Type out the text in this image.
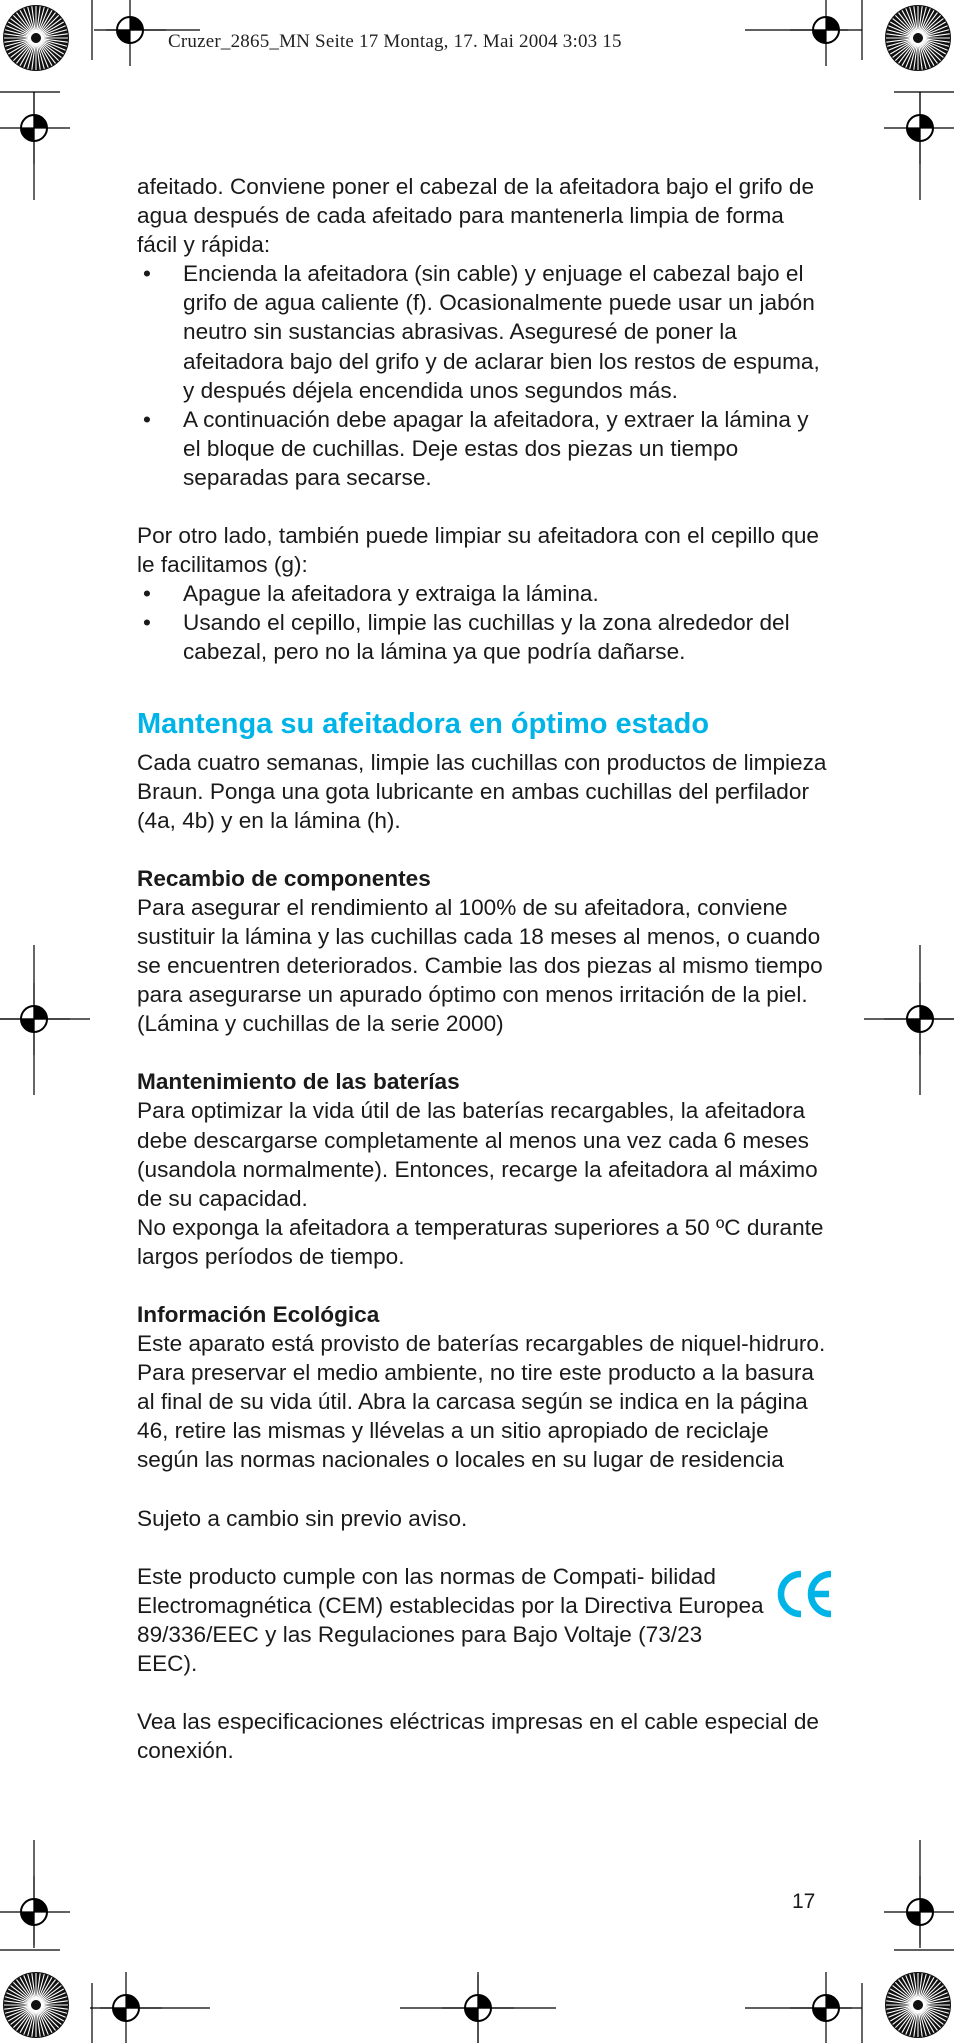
Cruzer_2865_MN Seite 17 Montag, 17. Mai 2004 3:03 15

afeitado. Conviene poner el cabezal de la afeitadora bajo el grifo de agua después de cada afeitado para mantenerla limpia de forma fácil y rápida:

• Encienda la afeitadora (sin cable) y enjuage el cabezal bajo el grifo de agua caliente (f). Ocasionalmente puede usar un jabón neutro sin sustancias abrasivas. Aseguresé de poner la afeitadora bajo del grifo y de aclarar bien los restos de espuma, y después déjela encendida unos segundos más.
• A continuación debe apagar la afeitadora, y extraer la lámina y el bloque de cuchillas. Deje estas dos piezas un tiempo separadas para secarse.

Por otro lado, también puede limpiar su afeitadora con el cepillo que le facilitamos (g):

• Apague la afeitadora y extraiga la lámina.
• Usando el cepillo, limpie las cuchillas y la zona alrededor del cabezal, pero no la lámina ya que podría dañarse.
Mantenga su afeitadora en óptimo estado

Cada cuatro semanas, limpie las cuchillas con productos de limpieza Braun. Ponga una gota lubricante en ambas cuchillas del perfilador (4a, 4b) y en la lámina (h).

Recambio de componentes

Para asegurar el rendimiento al 100% de su afeitadora, conviene sustituir la lámina y las cuchillas cada 18 meses al menos, o cuando se encuentren deteriorados. Cambie las dos piezas al mismo tiempo para asegurarse un apurado óptimo con menos irritación de la piel.

(Lámina y cuchillas de la serie 2000)

Mantenimiento de las baterías

Para optimizar la vida útil de las baterías recargables, la afeitadora debe descargarse completamente al menos una vez cada 6 meses (usandola normalmente). Entonces, recarge la afeitadora al máximo de su capacidad.

No exponga la afeitadora a temperaturas superiores a 50 ºC durante largos períodos de tiempo.

Información Ecológica

Este aparato está provisto de baterías recargables de niquel-hidruro. Para preservar el medio ambiente, no tire este producto a la basura al final de su vida útil. Abra la carcasa según se indica en la página 46, retire las mismas y llévelas a un sitio apropiado de reciclaje según las normas nacionales o locales en su lugar de residencia

Sujeto a cambio sin previo aviso.

Este producto cumple con las normas de Compati- bilidad Electromagnética (CEM) establecidas por la Directiva Europea 89/336/EEC y las Regulaciones para Bajo Voltaje (73/23 EEC).

Vea las especificaciones eléctricas impresas en el cable especial de conexión.

17
